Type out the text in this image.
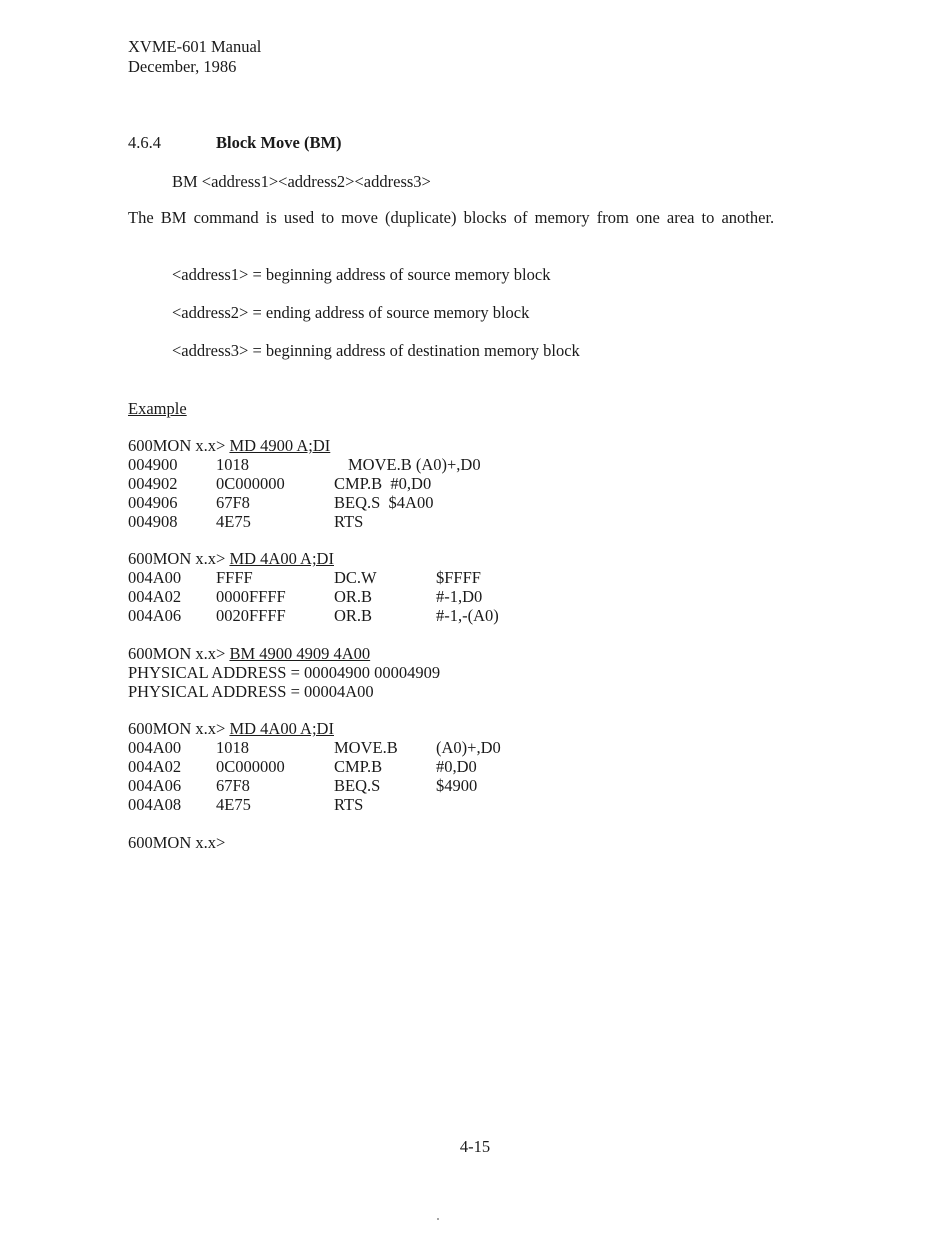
XVME-601 Manual
December, 1986
4.6.4	Block Move (BM)
BM <address1><address2><address3>
The BM command is used to move (duplicate) blocks of memory from one area to another.
<address1> = beginning address of source memory block
<address2> = ending address of source memory block
<address3> = beginning address of destination memory block
Example
600MON x.x> MD 4900 A;DI
004900 1018	MOVE.B (A0)+,D0
004902 0C000000	CMP.B  #0,D0
004906 67F8	BEQ.S  $4A00
004908 4E75	RTS
600MON x.x> MD 4A00 A;DI
004A00 FFFF	DC.W	$FFFF
004A02 0000FFFF	OR.B	#-1,D0
004A06 0020FFFF	OR.B	#-1,-(A0)
600MON x.x> BM 4900 4909 4A00
PHYSICAL ADDRESS = 00004900 00004909
PHYSICAL ADDRESS = 00004A00
600MON x.x> MD 4A00 A;DI
004A00 1018	MOVE.B (A0)+,D0
004A02 0C000000	CMP.B	#0,D0
004A06 67F8	BEQ.S	$4900
004A08 4E75	RTS
600MON x.x>
4-15
